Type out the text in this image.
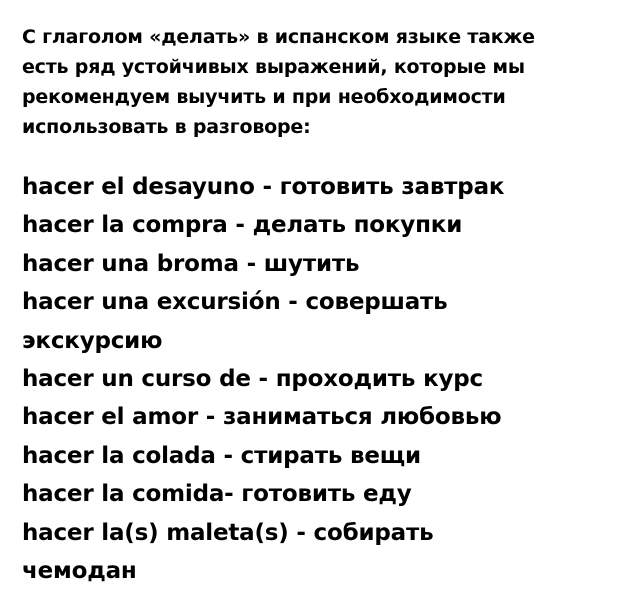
С глаголом «делать» в испанском языке также
есть ряд устойчивых выражений, которые мы
рекомендуем выучить и при необходимости
использовать в разговоре:

hacer el desayuno - готовить завтрак
hacer la compra - делать покупки
hacer una broma - шутить
hacer una excursión - совершать
экскурсию
hacer un curso de - проходить курс
hacer el amor - заниматься любовью
hacer la colada - стирать вещи
hacer la comida- готовить еду
hacer la(s) maleta(s) - собирать
чемодан
